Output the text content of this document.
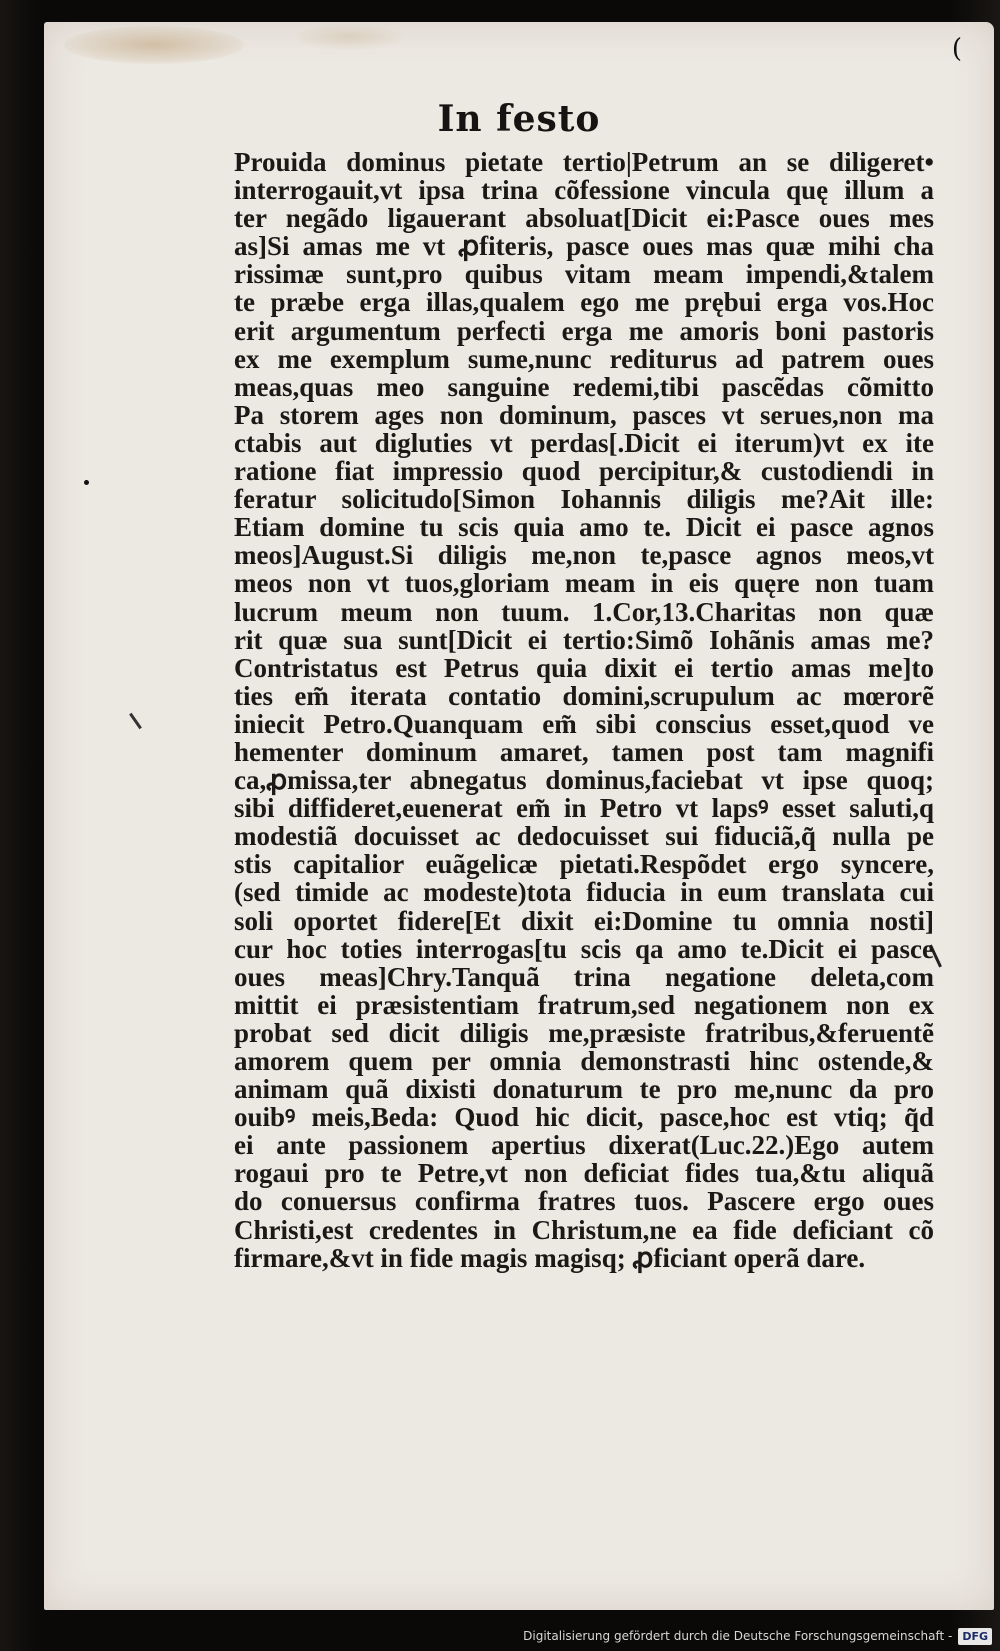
(
In festo
Prouida dominus pietate tertio|Petrum an se diligeret•
interrogauit,vt ipsa trina cõfessione vincula quę illum a
ter negãdo ligauerant absoluat[Dicit ei:Pasce oues mes
as]Si amas me vt ꝓfiteris, pasce oues mas quæ mihi cha
rissimæ sunt,pro quibus vitam meam impendi,&talem
te præbe erga illas,qualem ego me prębui erga vos.Hoc
erit argumentum perfecti erga me amoris boni pastoris
ex me exemplum sume,nunc rediturus ad patrem oues
meas,quas meo sanguine redemi,tibi pascẽdas cõmitto
Pa storem ages non dominum, pasces vt serues,non ma
ctabis aut digluties vt perdas[.Dicit ei iterum)vt ex ite
ratione fiat impressio quod percipitur,& custodiendi in
feratur solicitudo[Simon Iohannis diligis me?Ait ille:
Etiam domine tu scis quia amo te. Dicit ei pasce agnos
meos]August.Si diligis me,non te,pasce agnos meos,vt
meos non vt tuos,gloriam meam in eis quęre non tuam
lucrum meum non tuum. 1.Cor,13.Charitas non quæ
rit quæ sua sunt[Dicit ei tertio:Simõ Iohãnis amas me?
Contristatus est Petrus quia dixit ei tertio amas me]to
ties em̃ iterata contatio domini,scrupulum ac mœrorẽ
iniecit Petro.Quanquam em̃ sibi conscius esset,quod ve
hementer dominum amaret, tamen post tam magnifi
ca,ꝓmissa,ter abnegatus dominus,faciebat vt ipse quoq;
sibi diffideret,euenerat em̃ in Petro vt lapsꝰ esset saluti,q
modestiã docuisset ac dedocuisset sui fiduciã,q̃ nulla pe
stis capitalior euãgelicæ pietati.Respõdet ergo syncere,
(sed timide ac modeste)tota fiducia in eum translata cui
soli oportet fidere[Et dixit ei:Domine tu omnia nosti]
cur hoc toties interrogas[tu scis qa amo te.Dicit ei pasce
oues meas]Chry.Tanquã trina negatione deleta,com
mittit ei præsistentiam fratrum,sed negationem non ex
probat sed dicit diligis me,præsiste fratribus,&feruentẽ
amorem quem per omnia demonstrasti hinc ostende,&
animam quã dixisti donaturum te pro me,nunc da pro
ouibꝰ meis,Beda: Quod hic dicit, pasce,hoc est vtiq; q̃d
ei ante passionem apertius dixerat(Luc.22.)Ego autem
rogaui pro te Petre,vt non deficiat fides tua,&tu aliquã
do conuersus confirma fratres tuos. Pascere ergo oues
Christi,est credentes in Christum,ne ea fide deficiant cõ
firmare,&vt in fide magis magisq; ꝓficiant operã dare.
Digitalisierung gefördert durch die Deutsche Forschungsgemeinschaft - DFG
